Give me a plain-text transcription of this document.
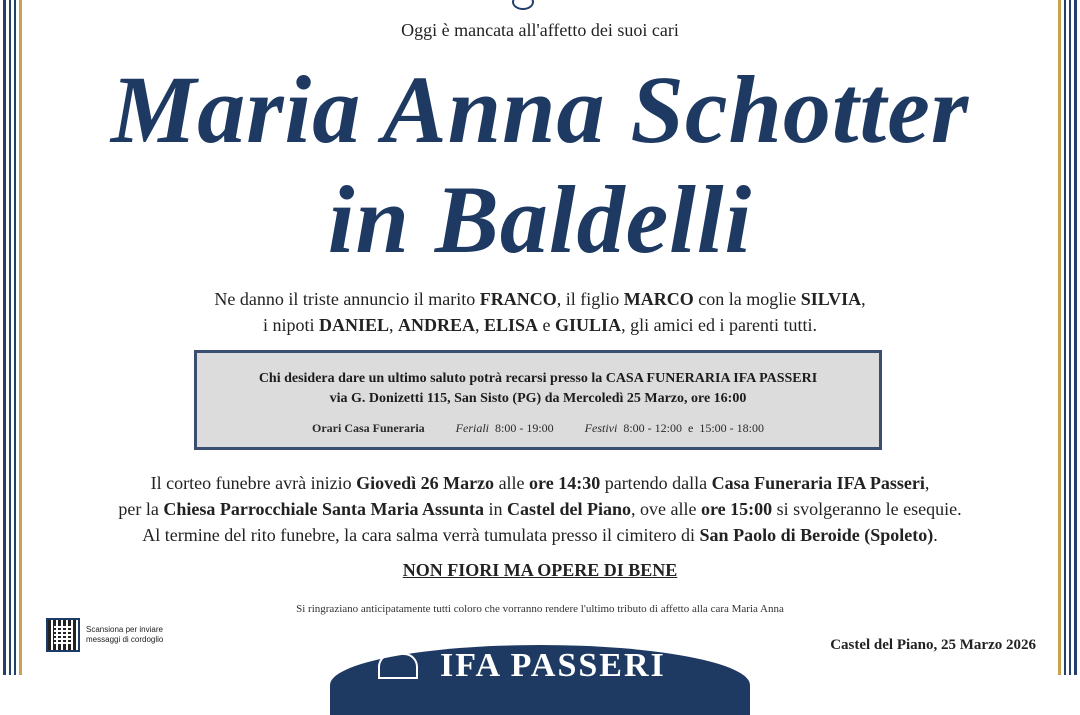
Oggi è mancata all'affetto dei suoi cari
Maria Anna Schotter
in Baldelli
Ne danno il triste annuncio il marito FRANCO, il figlio MARCO con la moglie SILVIA,
i nipoti DANIEL, ANDREA, ELISA e GIULIA, gli amici ed i parenti tutti.
Chi desidera dare un ultimo saluto potrà recarsi presso la CASA FUNERARIA IFA PASSERI
via G. Donizetti 115, San Sisto (PG) da Mercoledì 25 Marzo, ore 16:00
Orari Casa Funeraria	Feriali  8:00 - 19:00	Festivi  8:00 - 12:00  e  15:00 - 18:00
Il corteo funebre avrà inizio Giovedì 26 Marzo alle ore 14:30 partendo dalla Casa Funeraria IFA Passeri,
per la Chiesa Parrocchiale Santa Maria Assunta in Castel del Piano, ove alle ore 15:00 si svolgeranno le esequie.
Al termine del rito funebre, la cara salma verrà tumulata presso il cimitero di San Paolo di Beroide (Spoleto).
NON FIORI MA OPERE DI BENE
Si ringraziano anticipatamente tutti coloro che vorranno rendere l'ultimo tributo di affetto alla cara Maria Anna
Scansiona per inviare messaggi di cordoglio	Castel del Piano, 25 Marzo 2026
IFA PASSERI
